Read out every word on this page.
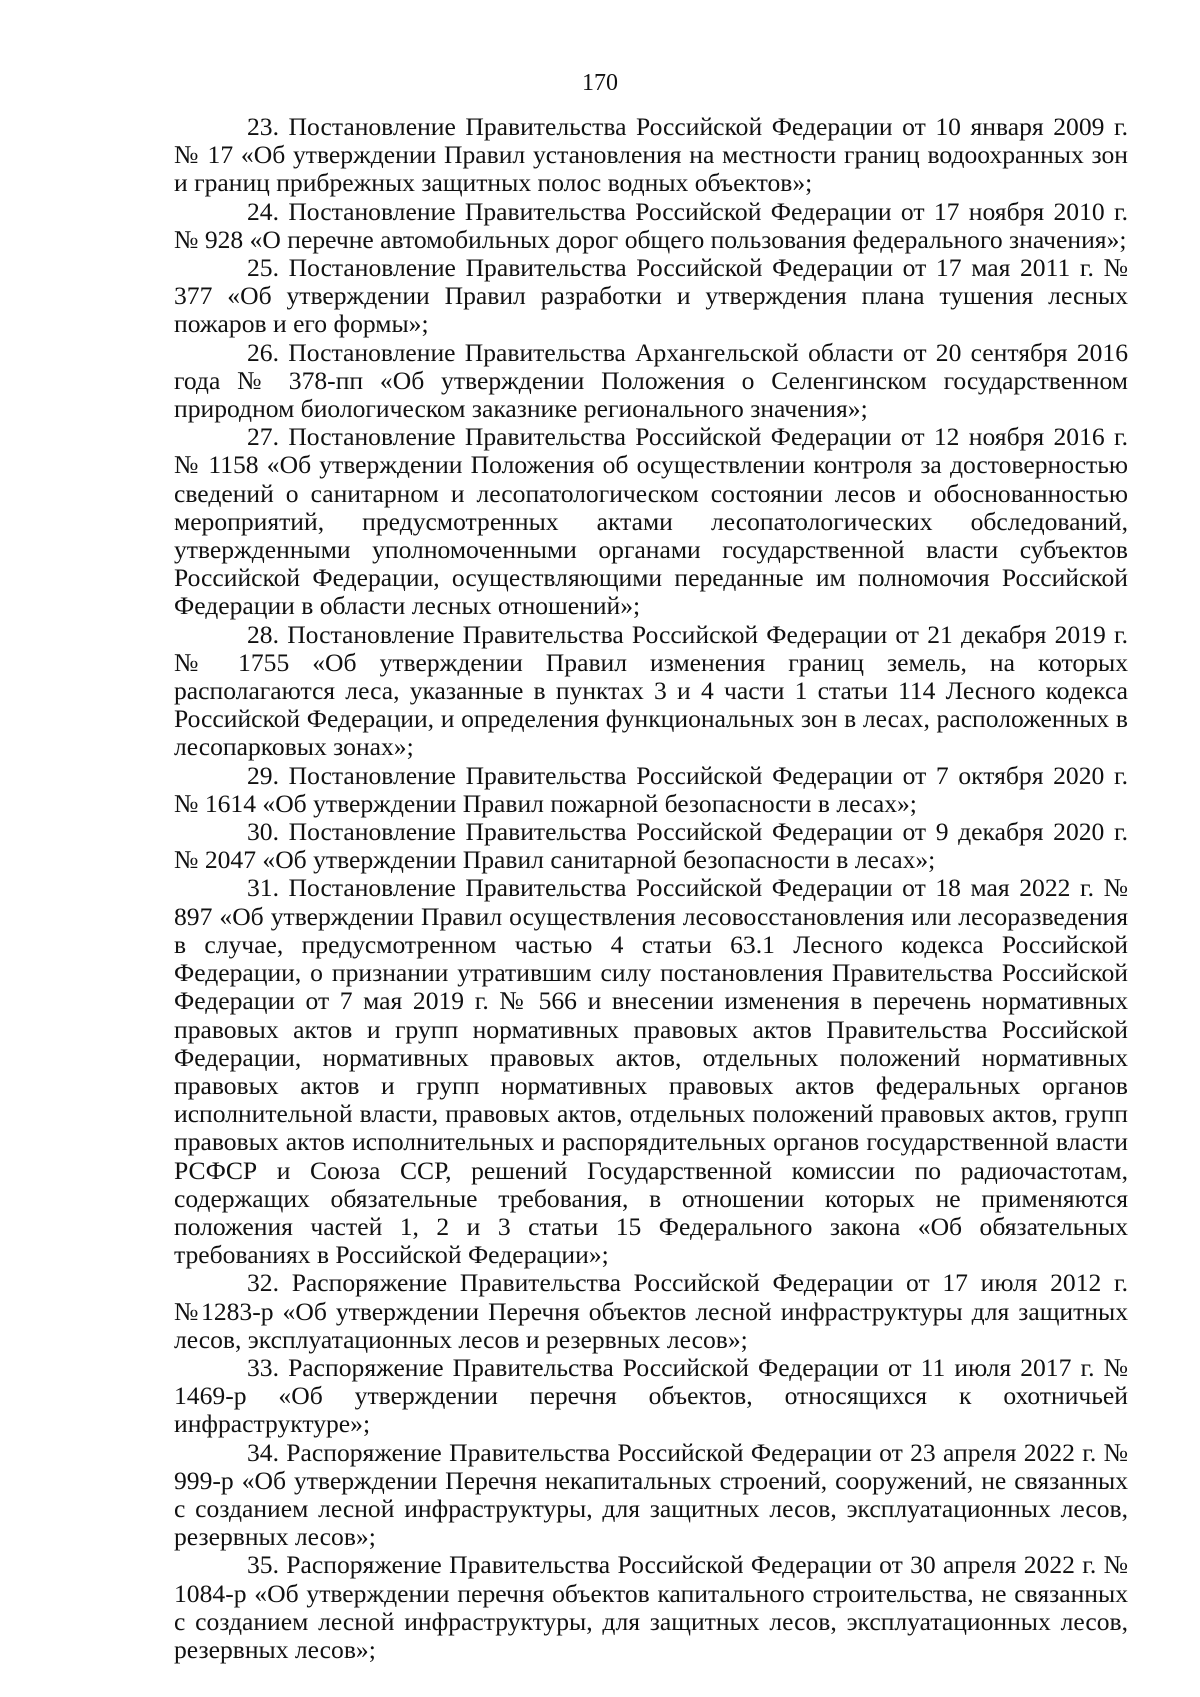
170

23. Постановление Правительства Российской Федерации от 10 января 2009 г. № 17 «Об утверждении Правил установления на местности границ водоохранных зон и границ прибрежных защитных полос водных объектов»;

24. Постановление Правительства Российской Федерации от 17 ноября 2010 г. № 928 «О перечне автомобильных дорог общего пользования федерального значения»;

25. Постановление Правительства Российской Федерации от 17 мая 2011 г. № 377 «Об утверждении Правил разработки и утверждения плана тушения лесных пожаров и его формы»;

26. Постановление Правительства Архангельской области от 20 сентября 2016 года № 378-пп «Об утверждении Положения о Селенгинском государственном природном биологическом заказнике регионального значения»;

27. Постановление Правительства Российской Федерации от 12 ноября 2016 г. № 1158 «Об утверждении Положения об осуществлении контроля за достоверностью сведений о санитарном и лесопатологическом состоянии лесов и обоснованностью мероприятий, предусмотренных актами лесопатологических обследований, утвержденными уполномоченными органами государственной власти субъектов Российской Федерации, осуществляющими переданные им полномочия Российской Федерации в области лесных отношений»;

28. Постановление Правительства Российской Федерации от 21 декабря 2019 г. № 1755 «Об утверждении Правил изменения границ земель, на которых располагаются леса, указанные в пунктах 3 и 4 части 1 статьи 114 Лесного кодекса Российской Федерации, и определения функциональных зон в лесах, расположенных в лесопарковых зонах»;

29. Постановление Правительства Российской Федерации от 7 октября 2020 г. № 1614 «Об утверждении Правил пожарной безопасности в лесах»;

30. Постановление Правительства Российской Федерации от 9 декабря 2020 г. № 2047 «Об утверждении Правил санитарной безопасности в лесах»;

31. Постановление Правительства Российской Федерации от 18 мая 2022 г. № 897 «Об утверждении Правил осуществления лесовосстановления или лесоразведения в случае, предусмотренном частью 4 статьи 63.1 Лесного кодекса Российской Федерации, о признании утратившим силу постановления Правительства Российской Федерации от 7 мая 2019 г. № 566 и внесении изменения в перечень нормативных правовых актов и групп нормативных правовых актов Правительства Российской Федерации, нормативных правовых актов, отдельных положений нормативных правовых актов и групп нормативных правовых актов федеральных органов исполнительной власти, правовых актов, отдельных положений правовых актов, групп правовых актов исполнительных и распорядительных органов государственной власти РСФСР и Союза ССР, решений Государственной комиссии по радиочастотам, содержащих обязательные требования, в отношении которых не применяются положения частей 1, 2 и 3 статьи 15 Федерального закона «Об обязательных требованиях в Российской Федерации»;

32. Распоряжение Правительства Российской Федерации от 17 июля 2012 г. №1283-р «Об утверждении Перечня объектов лесной инфраструктуры для защитных лесов, эксплуатационных лесов и резервных лесов»;

33. Распоряжение Правительства Российской Федерации от 11 июля 2017 г. № 1469-р «Об утверждении перечня объектов, относящихся к охотничьей инфраструктуре»;

34. Распоряжение Правительства Российской Федерации от 23 апреля 2022 г. № 999-р «Об утверждении Перечня некапитальных строений, сооружений, не связанных с созданием лесной инфраструктуры, для защитных лесов, эксплуатационных лесов, резервных лесов»;

35. Распоряжение Правительства Российской Федерации от 30 апреля 2022 г. № 1084-р «Об утверждении перечня объектов капитального строительства, не связанных с созданием лесной инфраструктуры, для защитных лесов, эксплуатационных лесов, резервных лесов»;
